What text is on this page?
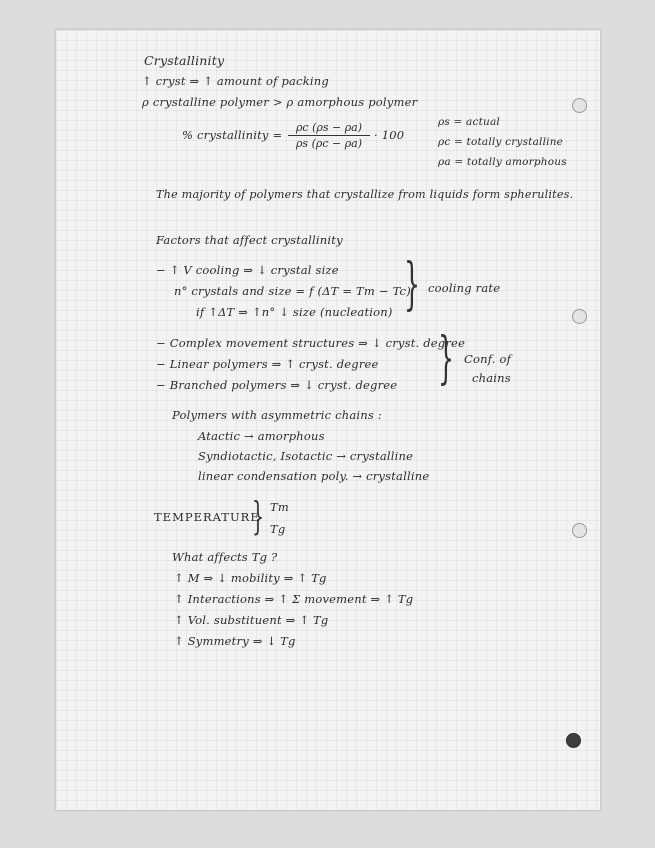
Crystallinity
↑ cryst ⇒ ↑ amount of packing
ρ crystalline polymer > ρ amorphous polymer
% crystallinity =
ρc (ρs − ρa)
ρs (ρc − ρa)
· 100
ρs = actual
ρc = totally crystalline
ρa = totally amorphous
The majority of polymers that crystallize from liquids form spherulites.
Factors that affect crystallinity
− ↑ V cooling ⇒ ↓ crystal size
n° crystals and size = f (ΔT = Tm − Tc)
if ↑ΔT ⇒ ↑n° ↓ size (nucleation) } cooling rate
− Complex movement structures ⇒ ↓ cryst. degree
− Linear polymers ⇒ ↑ cryst. degree
− Branched polymers ⇒ ↓ cryst. degree } Conf. of
chains
Polymers with asymmetric chains :
Atactic → amorphous
Syndiotactic, Isotactic → crystalline
linear condensation poly. → crystalline
TEMPERATURE
} Tm
Tg
What affects Tg ?
↑ M ⇒ ↓ mobility ⇒ ↑ Tg
↑ Interactions ⇒ ↑ Σ movement ⇒ ↑ Tg
↑ Vol. substituent ⇒ ↑ Tg
↑ Symmetry ⇒ ↓ Tg
